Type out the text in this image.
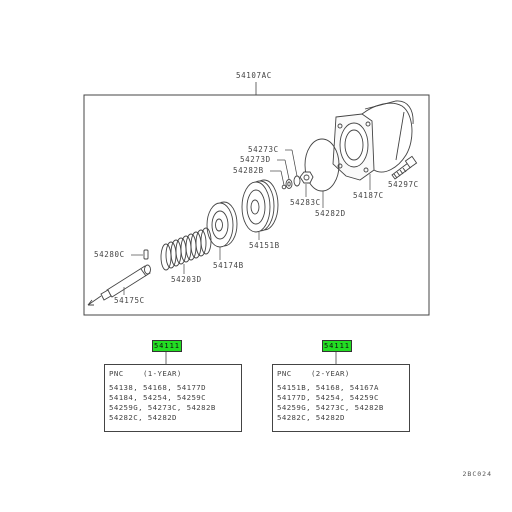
54107AC
54273C
54273D
54282B
54283C
54282D
54187C
54297C
54151B
54174B
54280C
54203D
54175C
54111
PNC    (1-YEAR)
54138, 54168, 54177D
54184, 54254, 54259C
54259G, 54273C, 54282B
54282C, 54282D
54111
PNC    (2-YEAR)
54151B, 54168, 54167A
54177D, 54254, 54259C
54259G, 54273C, 54282B
54282C, 54282D
2BC024
